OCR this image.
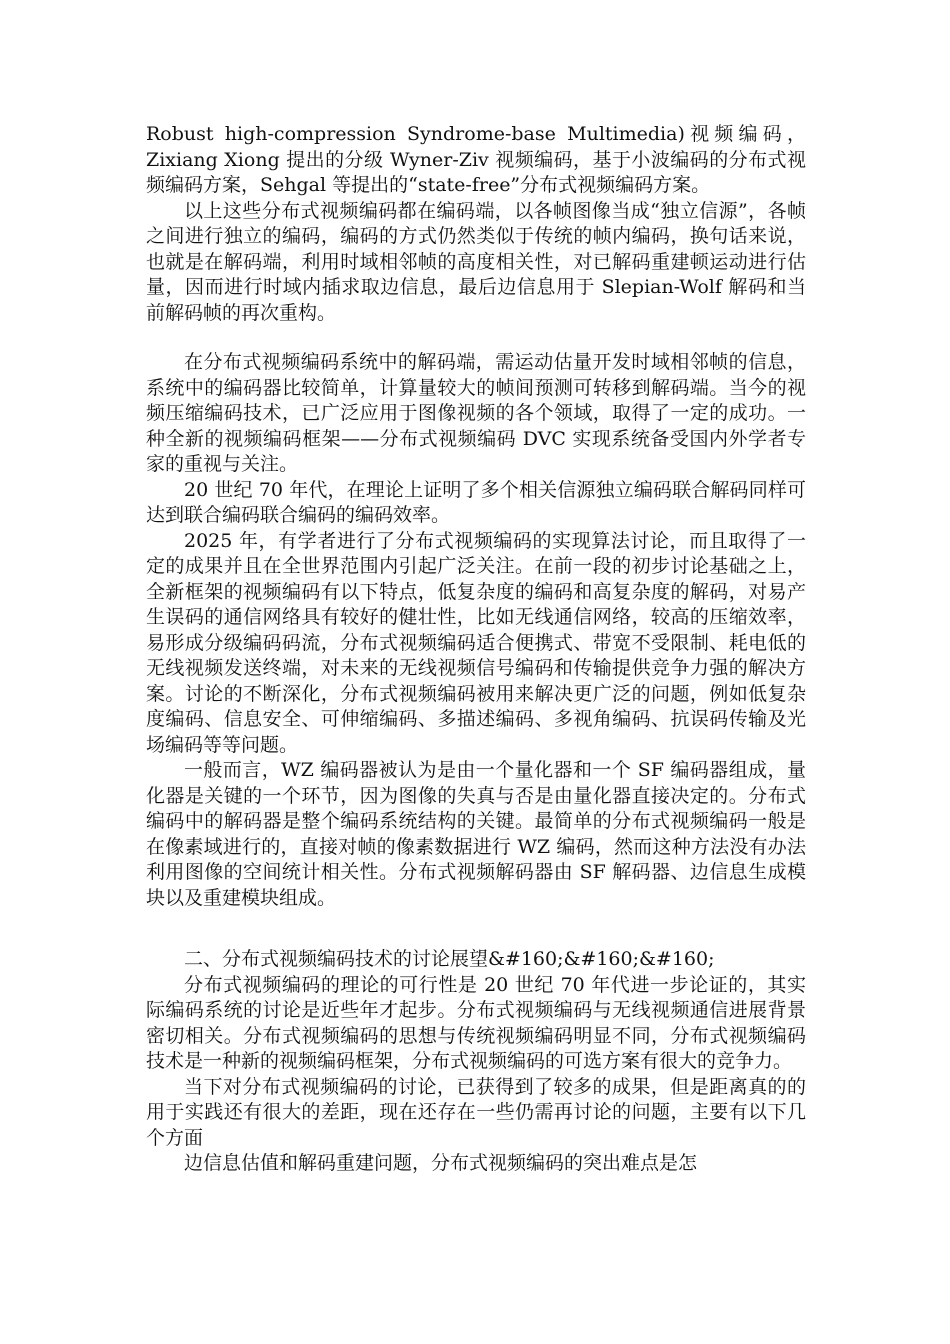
Robust high-compression Syndrome-base Multimedia)视频编码，Zixiang Xiong 提出的分级 Wyner-Ziv 视频编码，基于小波编码的分布式视频编码方案，Sehgal 等提出的“state-free”分布式视频编码方案。

以上这些分布式视频编码都在编码端，以各帧图像当成“独立信源”，各帧之间进行独立的编码，编码的方式仍然类似于传统的帧内编码，换句话来说，也就是在解码端，利用时域相邻帧的高度相关性，对已解码重建顿运动进行估量，因而进行时域内插求取边信息，最后边信息用于 Slepian-Wolf 解码和当前解码帧的再次重构。

在分布式视频编码系统中的解码端，需运动估量开发时域相邻帧的信息，系统中的编码器比较简单，计算量较大的帧间预测可转移到解码端。当今的视频压缩编码技术，已广泛应用于图像视频的各个领域，取得了一定的成功。一种全新的视频编码框架——分布式视频编码 DVC 实现系统备受国内外学者专家的重视与关注。

20 世纪 70 年代，在理论上证明了多个相关信源独立编码联合解码同样可达到联合编码联合编码的编码效率。

2025 年，有学者进行了分布式视频编码的实现算法讨论，而且取得了一定的成果并且在全世界范围内引起广泛关注。在前一段的初步讨论基础之上，全新框架的视频编码有以下特点，低复杂度的编码和高复杂度的解码，对易产生误码的通信网络具有较好的健壮性，比如无线通信网络，较高的压缩效率，易形成分级编码码流，分布式视频编码适合便携式、带宽不受限制、耗电低的无线视频发送终端，对未来的无线视频信号编码和传输提供竞争力强的解决方案。讨论的不断深化，分布式视频编码被用来解决更广泛的问题，例如低复杂度编码、信息安全、可伸缩编码、多描述编码、多视角编码、抗误码传输及光场编码等等问题。

一般而言，WZ 编码器被认为是由一个量化器和一个 SF 编码器组成，量化器是关键的一个环节，因为图像的失真与否是由量化器直接决定的。分布式编码中的解码器是整个编码系统结构的关键。最简单的分布式视频编码一般是在像素域进行的，直接对帧的像素数据进行 WZ 编码，然而这种方法没有办法利用图像的空间统计相关性。分布式视频解码器由 SF 解码器、边信息生成模块以及重建模块组成。

二、分布式视频编码技术的讨论展望&#160;&#160;&#160;

分布式视频编码的理论的可行性是 20 世纪 70 年代进一步论证的，其实际编码系统的讨论是近些年才起步。分布式视频编码与无线视频通信进展背景密切相关。分布式视频编码的思想与传统视频编码明显不同，分布式视频编码技术是一种新的视频编码框架，分布式视频编码的可选方案有很大的竞争力。

当下对分布式视频编码的讨论，已获得到了较多的成果，但是距离真的的用于实践还有很大的差距，现在还存在一些仍需再讨论的问题，主要有以下几个方面

边信息估值和解码重建问题，分布式视频编码的突出难点是怎
